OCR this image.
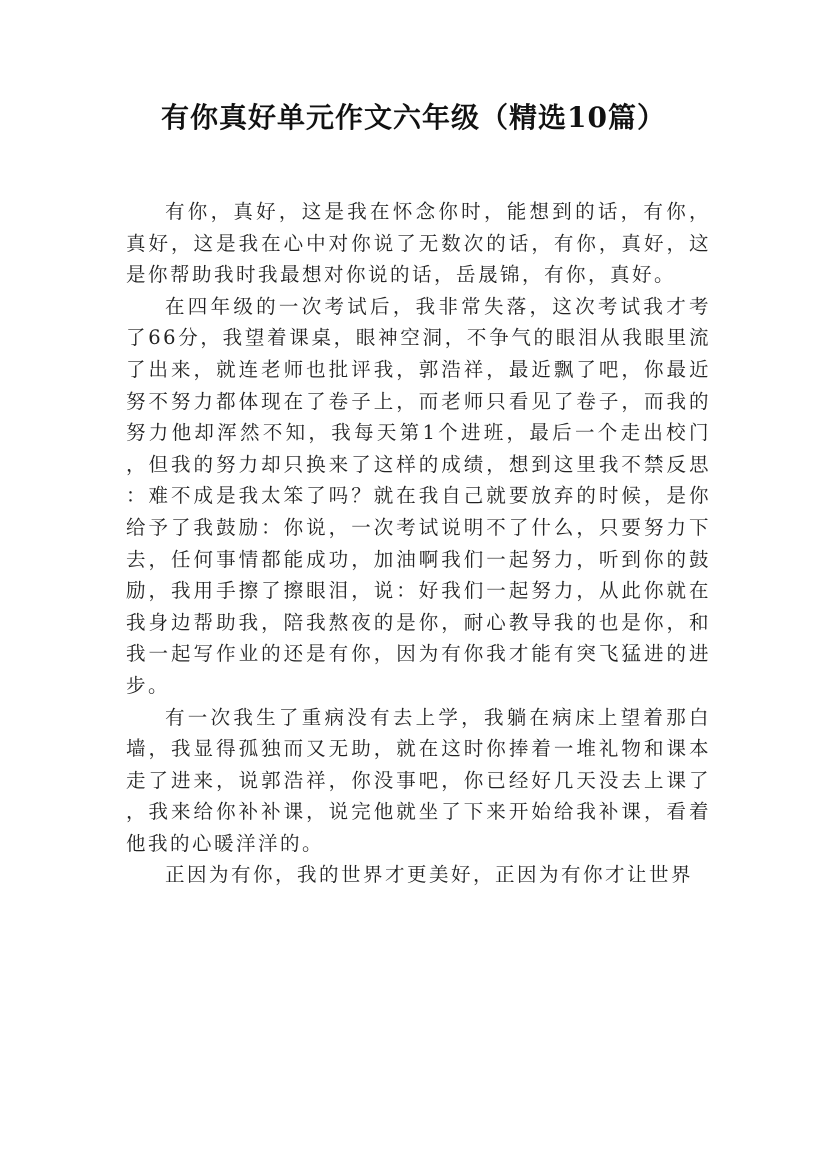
有你真好单元作文六年级（精选10篇）

有你，真好，这是我在怀念你时，能想到的话，有你，真好，这是我在心中对你说了无数次的话，有你，真好，这是你帮助我时我最想对你说的话，岳晟锦，有你，真好。

在四年级的一次考试后，我非常失落，这次考试我才考了66分，我望着课桌，眼神空洞，不争气的眼泪从我眼里流了出来，就连老师也批评我，郭浩祥，最近飘了吧，你最近努不努力都体现在了卷子上，而老师只看见了卷子，而我的努力他却浑然不知，我每天第1个进班，最后一个走出校门，但我的努力却只换来了这样的成绩，想到这里我不禁反思：难不成是我太笨了吗？就在我自己就要放弃的时候，是你给予了我鼓励：你说，一次考试说明不了什么，只要努力下去，任何事情都能成功，加油啊我们一起努力，听到你的鼓励，我用手擦了擦眼泪，说：好我们一起努力，从此你就在我身边帮助我，陪我熬夜的是你，耐心教导我的也是你，和我一起写作业的还是有你，因为有你我才能有突飞猛进的进步。

有一次我生了重病没有去上学，我躺在病床上望着那白墙，我显得孤独而又无助，就在这时你捧着一堆礼物和课本走了进来，说郭浩祥，你没事吧，你已经好几天没去上课了，我来给你补补课，说完他就坐了下来开始给我补课，看着他我的心暖洋洋的。

正因为有你，我的世界才更美好，正因为有你才让世界
